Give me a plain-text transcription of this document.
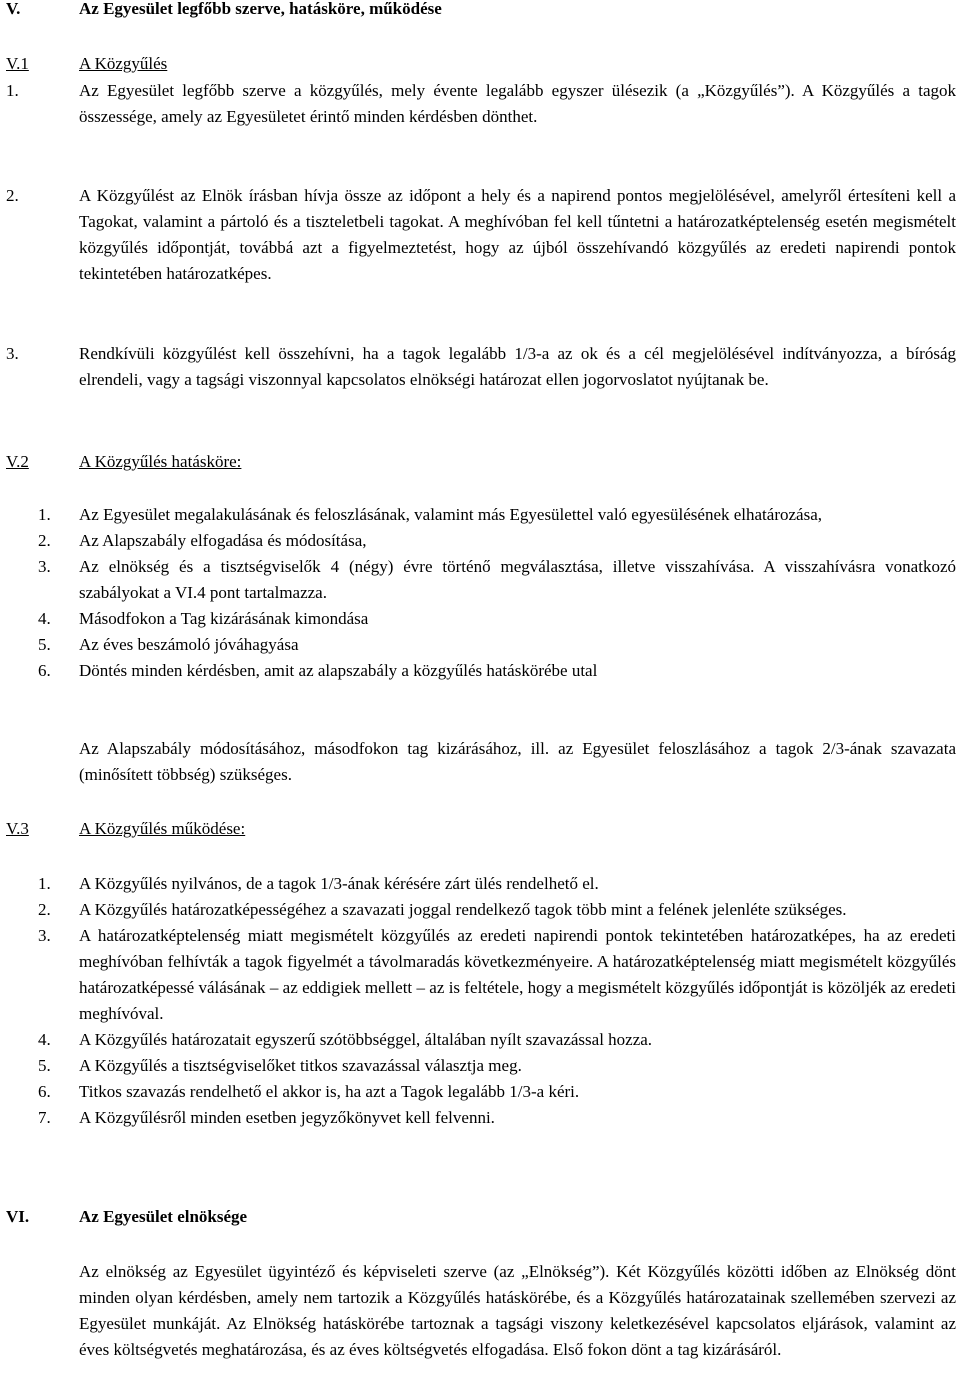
V.	Az Egyesület legfőbb szerve, hatásköre, működése
V.1	A Közgyűlés
1.	Az Egyesület legfőbb szerve a közgyűlés, mely évente legalább egyszer ülésezik (a „Közgyűlés”). A Közgyűlés a tagok összessége, amely az Egyesületet érintő minden kérdésben dönthet.
2.	A Közgyűlést az Elnök írásban hívja össze az időpont a hely és a napirend pontos megjelölésével, amelyről értesíteni kell a Tagokat, valamint a pártoló és a tiszteletbeli tagokat. A meghívóban fel kell tűntetni a határozatképtelenség esetén megismételt közgyűlés időpontját, továbbá azt a figyelmeztetést, hogy az újból összehívandó közgyűlés az eredeti napirendi pontok tekintetében határozatképes.
3.	Rendkívüli közgyűlést kell összehívni, ha a tagok legalább 1/3-a az ok és a cél megjelölésével indítványozza, a bíróság elrendeli, vagy a tagsági viszonnyal kapcsolatos elnökségi határozat ellen jogorvoslatot nyújtanak be.
V.2	A Közgyűlés hatásköre:
1. Az Egyesület megalakulásának és feloszlásának, valamint más Egyesülettel való egyesülésének elhatározása,
2. Az Alapszabály elfogadása és módosítása,
3. Az elnökség és a tisztségviselők 4 (négy) évre történő megválasztása, illetve visszahívása. A visszahívásra vonatkozó szabályokat a VI.4 pont tartalmazza.
4. Másodfokon a Tag kizárásának kimondása
5. Az éves beszámoló jóváhagyása
6. Döntés minden kérdésben, amit az alapszabály a közgyűlés hatáskörébe utal
Az Alapszabály módosításához, másodfokon tag kizárásához, ill. az Egyesület feloszlásához a tagok 2/3-ának szavazata (minősített többség) szükséges.
V.3	A Közgyűlés működése:
1. A Közgyűlés nyilvános, de a tagok 1/3-ának kérésére zárt ülés rendelhető el.
2. A Közgyűlés határozatképességéhez a szavazati joggal rendelkező tagok több mint a felének jelenléte szükséges.
3. A határozatképtelenség miatt megismételt közgyűlés az eredeti napirendi pontok tekintetében határozatképes, ha az eredeti meghívóban felhívták a tagok figyelmét a távolmaradás következményeire. A határozatképtelenség miatt megismételt közgyűlés határozatképessé válásának – az eddigiek mellett – az is feltétele, hogy a megismételt közgyűlés időpontját is közöljék az eredeti meghívóval.
4. A Közgyűlés határozatait egyszerű szótöbbséggel, általában nyílt szavazással hozza.
5. A Közgyűlés a tisztségviselőket titkos szavazással választja meg.
6. Titkos szavazás rendelhető el akkor is, ha azt a Tagok legalább 1/3-a kéri.
7. A Közgyűlésről minden esetben jegyzőkönyvet kell felvenni.
VI.	Az Egyesület elnöksége
Az elnökség az Egyesület ügyintéző és képviseleti szerve (az „Elnökség”). Két Közgyűlés közötti időben az Elnökség dönt minden olyan kérdésben, amely nem tartozik a Közgyűlés hatáskörébe, és a Közgyűlés határozatainak szellemében szervezi az Egyesület munkáját. Az Elnökség hatáskörébe tartoznak a tagsági viszony keletkezésével kapcsolatos eljárások, valamint az éves költségvetés meghatározása, és az éves költségvetés elfogadása. Első fokon dönt a tag kizárásáról.
